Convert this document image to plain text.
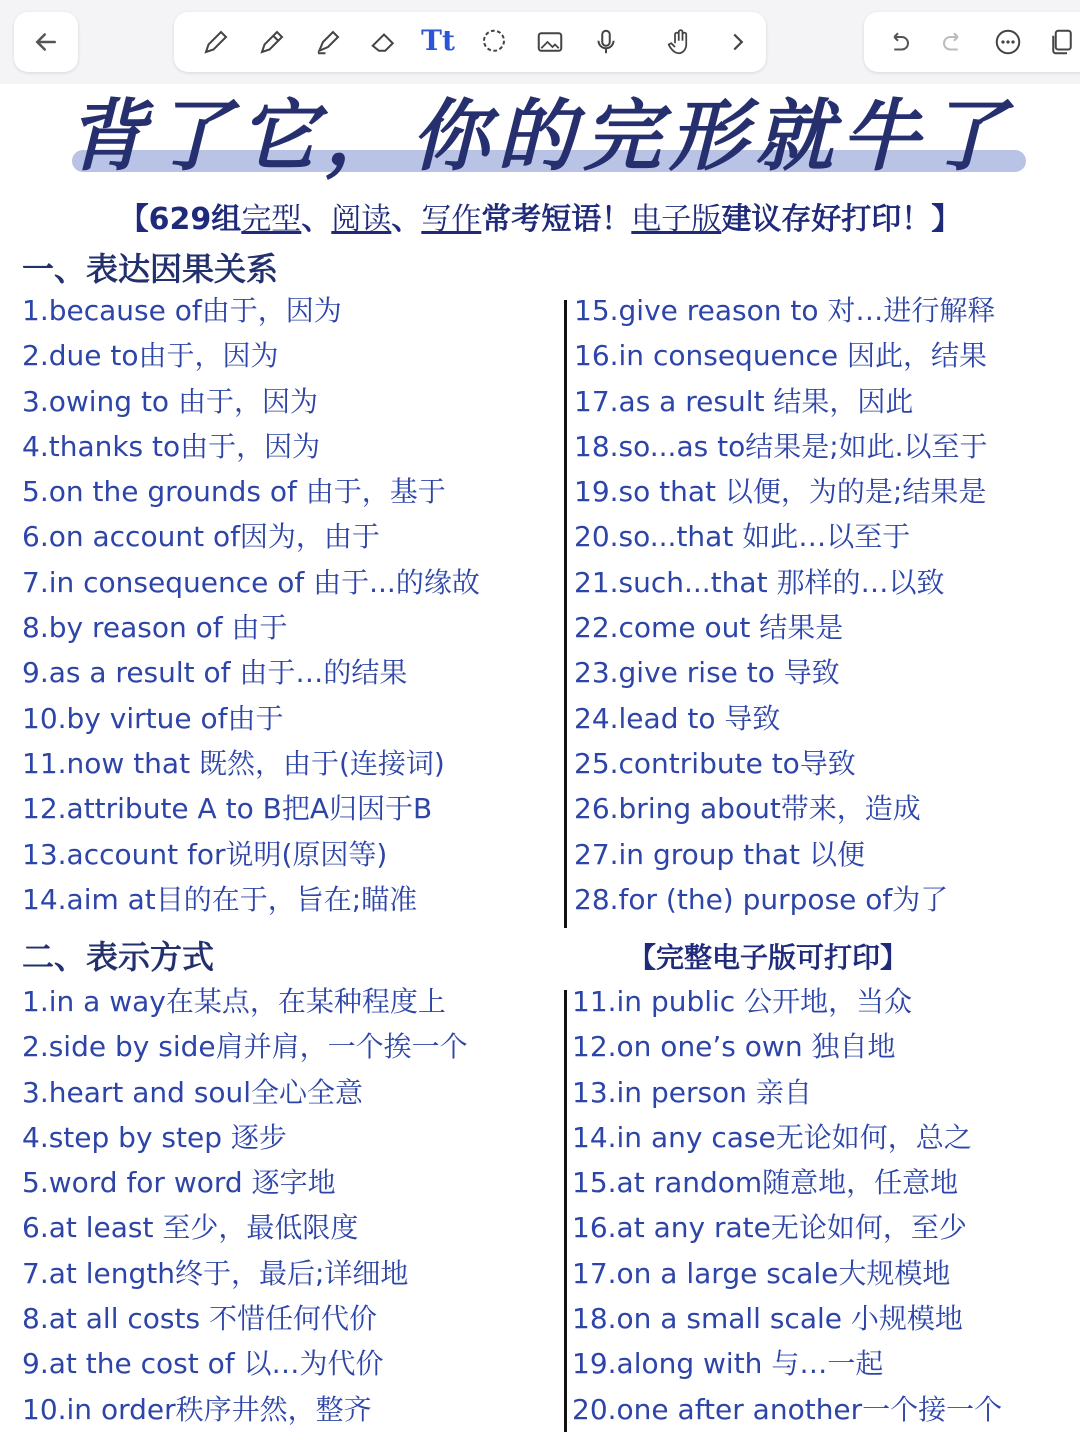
Tt
背了它，你的完形就牛了
【629组完型、阅读、写作常考短语！电子版建议存好打印！】
一、表达因果关系
1.because of由于，因为
2.due to由于，因为
3.owing to 由于，因为
4.thanks to由于，因为
5.on the grounds of 由于，基于
6.on account of因为，由于
7.in consequence of 由于...的缘故
8.by reason of 由于
9.as a result of 由于…的结果
10.by virtue of由于
11.now that 既然，由于(连接词)
12.attribute A to B把A归因于B
13.account for说明(原因等)
14.aim at目的在于，旨在;瞄准
15.give reason to 对…进行解释
16.in consequence 因此，结果
17.as a result 结果，因此
18.so...as to结果是;如此.以至于
19.so that 以便，为的是;结果是
20.so...that 如此…以至于
21.such...that 那样的…以致
22.come out 结果是
23.give rise to 导致
24.lead to 导致
25.contribute to导致
26.bring about带来，造成
27.in group that 以便
28.for (the) purpose of为了
二、表示方式	【完整电子版可打印】
1.in a way在某点，在某种程度上
2.side by side肩并肩，一个挨一个
3.heart and soul全心全意
4.step by step 逐步
5.word for word 逐字地
6.at least 至少，最低限度
7.at length终于，最后;详细地
8.at all costs 不惜任何代价
9.at the cost of 以…为代价
10.in order秩序井然，整齐
11.in public 公开地，当众
12.on one’s own 独自地
13.in person 亲自
14.in any case无论如何，总之
15.at random随意地，任意地
16.at any rate无论如何，至少
17.on a large scale大规模地
18.on a small scale 小规模地
19.along with 与…一起
20.one after another一个接一个
